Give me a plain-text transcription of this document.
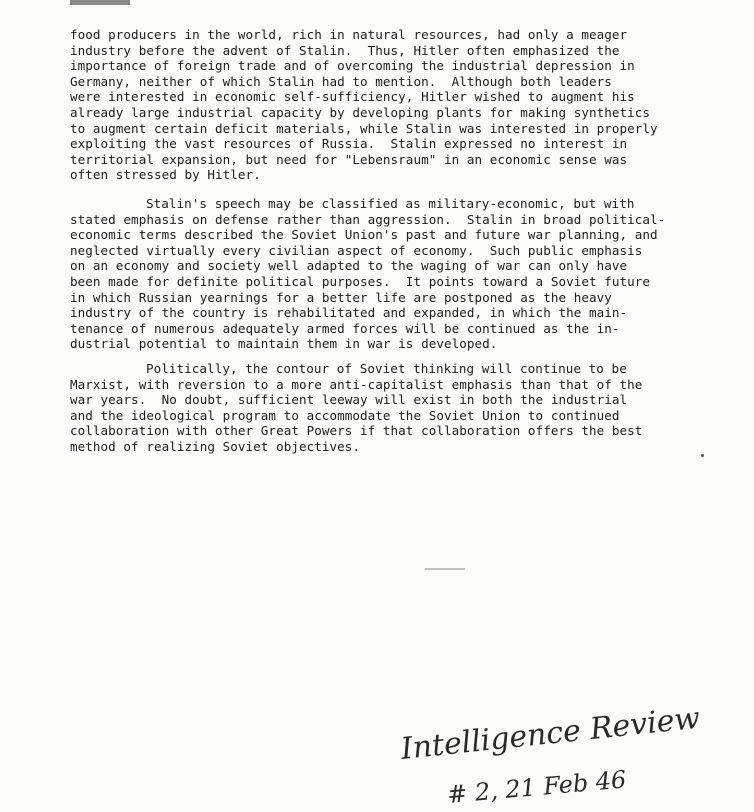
food producers in the world, rich in natural resources, had only a meager
industry before the advent of Stalin.  Thus, Hitler often emphasized the
importance of foreign trade and of overcoming the industrial depression in
Germany, neither of which Stalin had to mention.  Although both leaders
were interested in economic self-sufficiency, Hitler wished to augment his
already large industrial capacity by developing plants for making synthetics
to augment certain deficit materials, while Stalin was interested in properly
exploiting the vast resources of Russia.  Stalin expressed no interest in
territorial expansion, but need for "Lebensraum" in an economic sense was
often stressed by Hitler.
Stalin's speech may be classified as military-economic, but with
stated emphasis on defense rather than aggression.  Stalin in broad political-
economic terms described the Soviet Union's past and future war planning, and
neglected virtually every civilian aspect of economy.  Such public emphasis
on an economy and society well adapted to the waging of war can only have
been made for definite political purposes.  It points toward a Soviet future
in which Russian yearnings for a better life are postponed as the heavy
industry of the country is rehabilitated and expanded, in which the main-
tenance of numerous adequately armed forces will be continued as the in-
dustrial potential to maintain them in war is developed.
Politically, the contour of Soviet thinking will continue to be
Marxist, with reversion to a more anti-capitalist emphasis than that of the
war years.  No doubt, sufficient leeway will exist in both the industrial
and the ideological program to accommodate the Soviet Union to continued
collaboration with other Great Powers if that collaboration offers the best
method of realizing Soviet objectives.
Intelligence Review
# 2, 21 Feb 46
